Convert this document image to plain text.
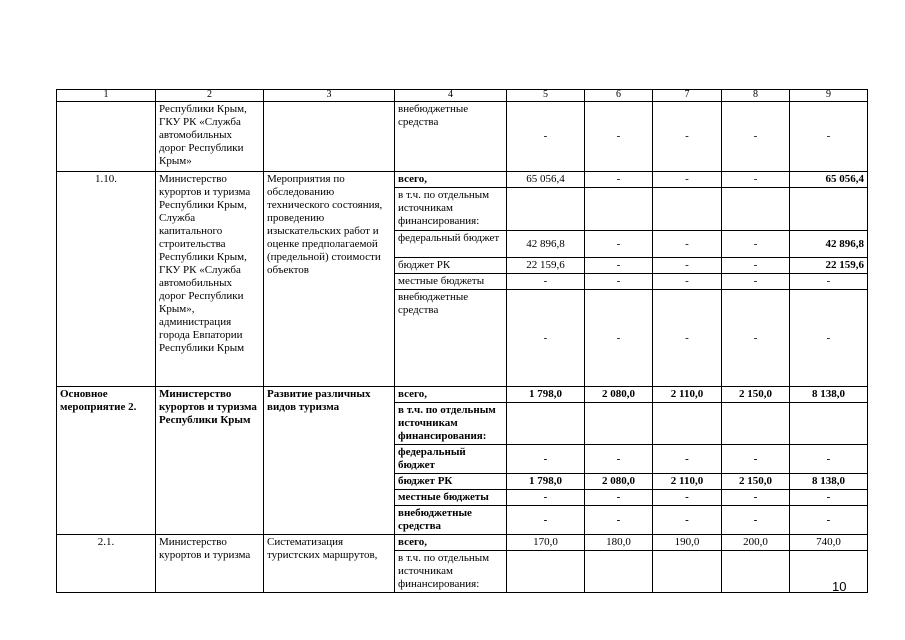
1	2	3	4	5	6	7	8	9
	Республики Крым, ГКУ РК «Служба автомобильных дорог Республики Крым»		внебюджетные средства	-	-	-	-	-
1.10.	Министерство курортов и туризма Республики Крым, Служба капитального строительства Республики Крым, ГКУ РК «Служба автомобильных дорог Республики Крым», администрация города Евпатории Республики Крым	Мероприятия по обследованию технического состояния, проведению изыскательских работ и оценке предполагаемой (предельной) стоимости объектов	всего,	65 056,4	-	-	-	65 056,4
			в т.ч. по отдельным источникам финансирования:					
			федеральный бюджет	42 896,8	-	-	-	42 896,8
			бюджет РК	22 159,6	-	-	-	22 159,6
			местные бюджеты	-	-	-	-	-
			внебюджетные средства	-	-	-	-	-
Основное мероприятие 2.	Министерство курортов и туризма Республики Крым	Развитие различных видов туризма	всего,	1 798,0	2 080,0	2 110,0	2 150,0	8 138,0
			в т.ч. по отдельным источникам финансирования:					
			федеральный бюджет	-	-	-	-	-
			бюджет РК	1 798,0	2 080,0	2 110,0	2 150,0	8 138,0
			местные бюджеты	-	-	-	-	-
			внебюджетные средства	-	-	-	-	-
2.1.	Министерство курортов и туризма	Систематизация туристских маршрутов,	всего,	170,0	180,0	190,0	200,0	740,0
			в т.ч. по отдельным источникам финансирования:						10
